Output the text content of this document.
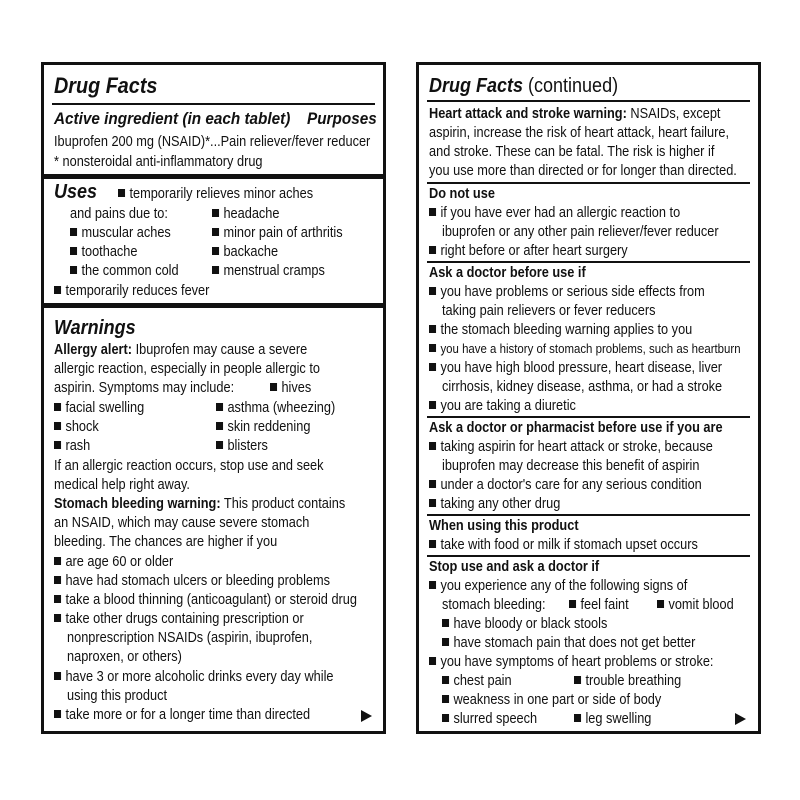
Drug Facts
Active ingredient (in each tablet) Purposes
Ibuprofen 200 mg (NSAID)*...Pain reliever/fever reducer
* nonsteroidal anti-inflammatory drug
Uses	temporarily relieves minor aches
and pains due to:	headache
muscular aches	minor pain of arthritis
toothache	backache
the common cold	menstrual cramps
temporarily reduces fever
Warnings
Allergy alert: Ibuprofen may cause a severe
allergic reaction, especially in people allergic to
aspirin. Symptoms may include:	hives
facial swelling	asthma (wheezing)
shock	skin reddening
rash	blisters
If an allergic reaction occurs, stop use and seek
medical help right away.
Stomach bleeding warning: This product contains
an NSAID, which may cause severe stomach
bleeding. The chances are higher if you
are age 60 or older
have had stomach ulcers or bleeding problems
take a blood thinning (anticoagulant) or steroid drug
take other drugs containing prescription or
nonprescription NSAIDs (aspirin, ibuprofen,
naproxen, or others)
have 3 or more alcoholic drinks every day while
using this product
take more or for a longer time than directed
Drug Facts (continued)
Heart attack and stroke warning: NSAIDs, except
aspirin, increase the risk of heart attack, heart failure,
and stroke. These can be fatal. The risk is higher if
you use more than directed or for longer than directed.
Do not use
if you have ever had an allergic reaction to
ibuprofen or any other pain reliever/fever reducer
right before or after heart surgery
Ask a doctor before use if
you have problems or serious side effects from
taking pain relievers or fever reducers
the stomach bleeding warning applies to you
you have a history of stomach problems, such as heartburn
you have high blood pressure, heart disease, liver
cirrhosis, kidney disease, asthma, or had a stroke
you are taking a diuretic
Ask a doctor or pharmacist before use if you are
taking aspirin for heart attack or stroke, because
ibuprofen may decrease this benefit of aspirin
under a doctor's care for any serious condition
taking any other drug
When using this product
take with food or milk if stomach upset occurs
Stop use and ask a doctor if
you experience any of the following signs of
stomach bleeding:	feel faint	vomit blood
have bloody or black stools
have stomach pain that does not get better
you have symptoms of heart problems or stroke:
chest pain	trouble breathing
weakness in one part or side of body
slurred speech	leg swelling
